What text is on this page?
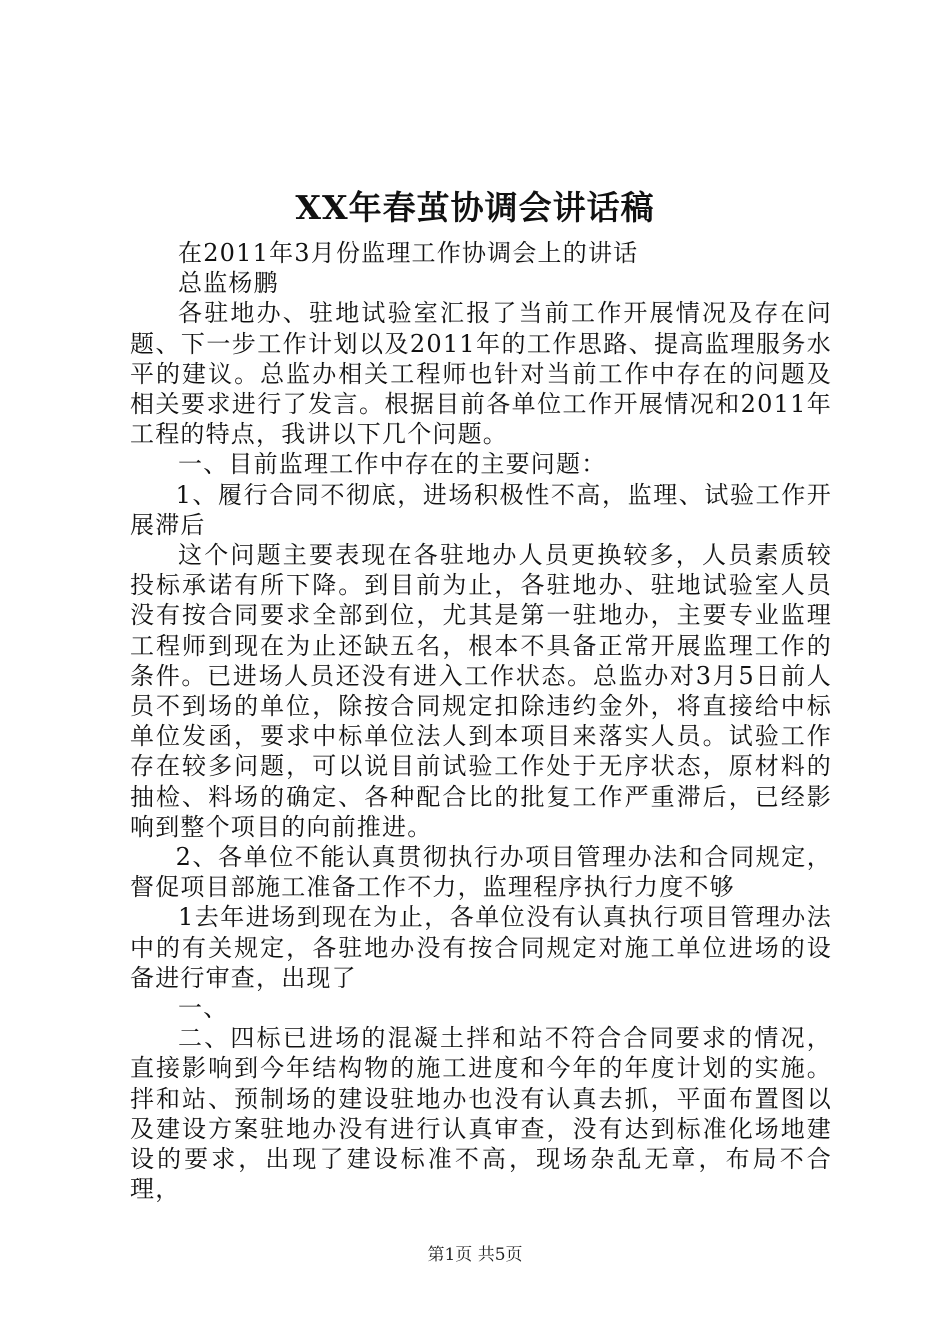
XX年春茧协调会讲话稿

在2011年3月份监理工作协调会上的讲话

总监杨鹏

各驻地办、驻地试验室汇报了当前工作开展情况及存在问题、下一步工作计划以及2011年的工作思路、提高监理服务水平的建议。总监办相关工程师也针对当前工作中存在的问题及相关要求进行了发言。根据目前各单位工作开展情况和2011年工程的特点，我讲以下几个问题。

一、目前监理工作中存在的主要问题：

1、履行合同不彻底，进场积极性不高，监理、试验工作开展滞后

这个问题主要表现在各驻地办人员更换较多，人员素质较投标承诺有所下降。到目前为止，各驻地办、驻地试验室人员没有按合同要求全部到位，尤其是第一驻地办，主要专业监理工程师到现在为止还缺五名，根本不具备正常开展监理工作的条件。已进场人员还没有进入工作状态。总监办对3月5日前人员不到场的单位，除按合同规定扣除违约金外，将直接给中标单位发函，要求中标单位法人到本项目来落实人员。试验工作存在较多问题，可以说目前试验工作处于无序状态，原材料的抽检、料场的确定、各种配合比的批复工作严重滞后，已经影响到整个项目的向前推进。

2、各单位不能认真贯彻执行办项目管理办法和合同规定，督促项目部施工准备工作不力，监理程序执行力度不够

1去年进场到现在为止，各单位没有认真执行项目管理办法中的有关规定，各驻地办没有按合同规定对施工单位进场的设备进行审查，出现了

一、

二、四标已进场的混凝土拌和站不符合合同要求的情况，直接影响到今年结构物的施工进度和今年的年度计划的实施。拌和站、预制场的建设驻地办也没有认真去抓，平面布置图以及建设方案驻地办没有进行认真审查，没有达到标准化场地建设的要求，出现了建设标准不高，现场杂乱无章，布局不合理，

第1页 共5页
